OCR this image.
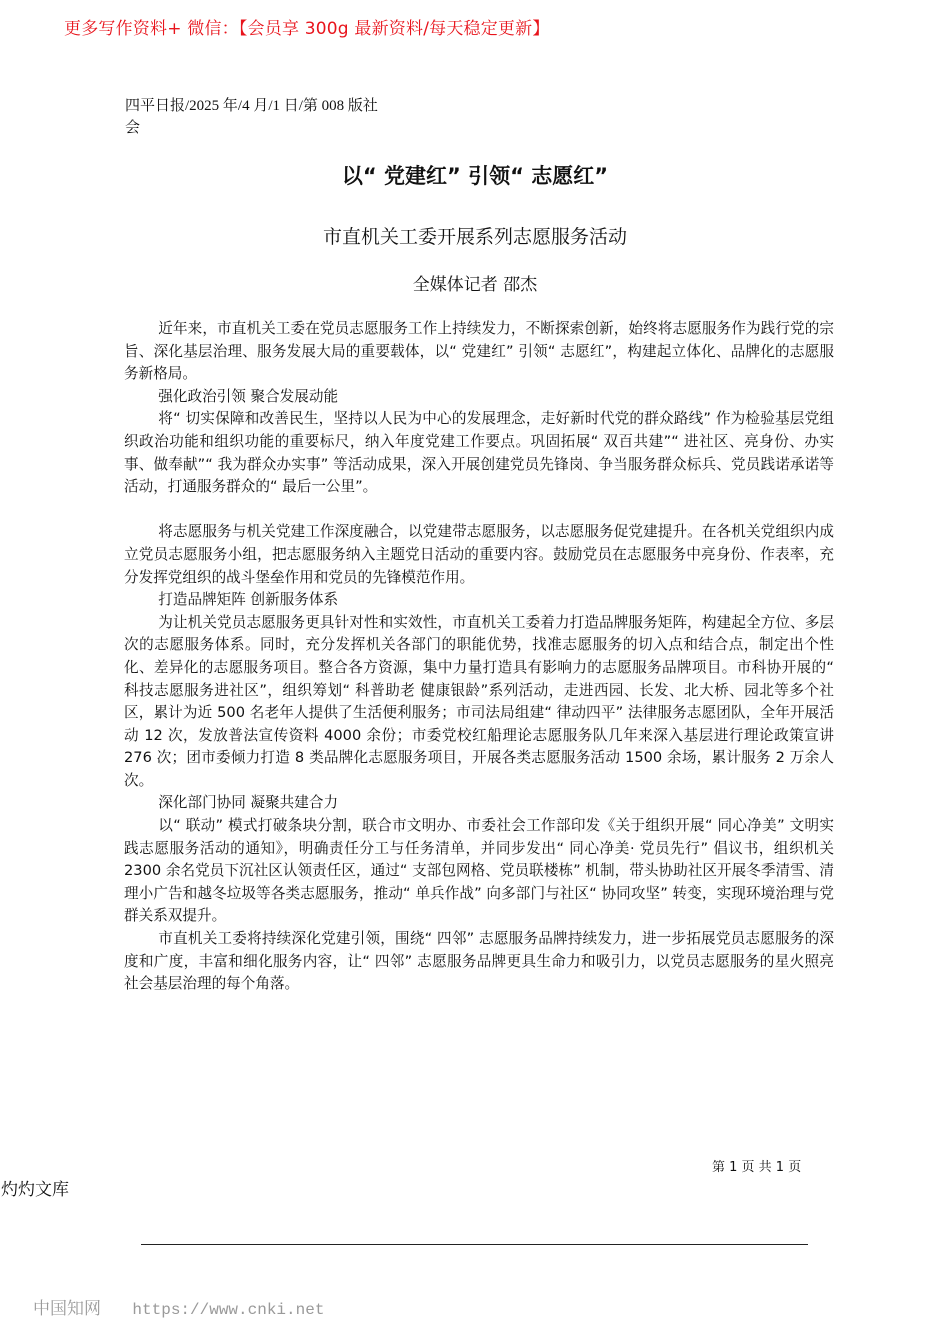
更多写作资料+ 微信：【会员享 300g 最新资料/每天稳定更新】
四平日报/2025 年/4 月/1 日/第 008 版社会
以“ 党建红” 引领“ 志愿红”
市直机关工委开展系列志愿服务活动
全媒体记者 邵杰

近年来，市直机关工委在党员志愿服务工作上持续发力，不断探索创新，始终将志愿服务作为践行党的宗旨、深化基层治理、服务发展大局的重要载体，以“ 党建红” 引领“ 志愿红”，构建起立体化、品牌化的志愿服务新格局。

强化政治引领 聚合发展动能

将“ 切实保障和改善民生，坚持以人民为中心的发展理念，走好新时代党的群众路线” 作为检验基层党组织政治功能和组织功能的重要标尺，纳入年度党建工作要点。巩固拓展“ 双百共建”“ 进社区、亮身份、办实事、做奉献”“ 我为群众办实事” 等活动成果，深入开展创建党员先锋岗、争当服务群众标兵、党员践诺承诺等活动，打通服务群众的“ 最后一公里”。

将志愿服务与机关党建工作深度融合，以党建带志愿服务，以志愿服务促党建提升。在各机关党组织内成立党员志愿服务小组，把志愿服务纳入主题党日活动的重要内容。鼓励党员在志愿服务中亮身份、作表率，充分发挥党组织的战斗堡垒作用和党员的先锋模范作用。

打造品牌矩阵 创新服务体系

为让机关党员志愿服务更具针对性和实效性，市直机关工委着力打造品牌服务矩阵，构建起全方位、多层次的志愿服务体系。同时，充分发挥机关各部门的职能优势，找准志愿服务的切入点和结合点，制定出个性化、差异化的志愿服务项目。整合各方资源，集中力量打造具有影响力的志愿服务品牌项目。市科协开展的“ 科技志愿服务进社区”，组织筹划“ 科普助老 健康银龄”系列活动，走进西园、长发、北大桥、园北等多个社区，累计为近 500 名老年人提供了生活便利服务；市司法局组建“ 律动四平” 法律服务志愿团队，全年开展活动 12 次，发放普法宣传资料 4000 余份；市委党校红船理论志愿服务队几年来深入基层进行理论政策宣讲 276 次；团市委倾力打造 8 类品牌化志愿服务项目，开展各类志愿服务活动 1500 余场，累计服务 2 万余人次。

深化部门协同 凝聚共建合力

以“ 联动” 模式打破条块分割，联合市文明办、市委社会工作部印发《关于组织开展“ 同心净美” 文明实践志愿服务活动的通知》，明确责任分工与任务清单，并同步发出“ 同心净美· 党员先行” 倡议书，组织机关 2300 余名党员下沉社区认领责任区，通过“ 支部包网格、党员联楼栋” 机制，带头协助社区开展冬季清雪、清理小广告和越冬垃圾等各类志愿服务，推动“ 单兵作战” 向多部门与社区“ 协同攻坚” 转变，实现环境治理与党群关系双提升。

市直机关工委将持续深化党建引领，围绕“ 四邻” 志愿服务品牌持续发力，进一步拓展党员志愿服务的深度和广度，丰富和细化服务内容，让“ 四邻” 志愿服务品牌更具生命力和吸引力，以党员志愿服务的星火照亮社会基层治理的每个角落。

第 1 页 共 1 页
灼灼文库
中国知网 https://www.cnki.net
